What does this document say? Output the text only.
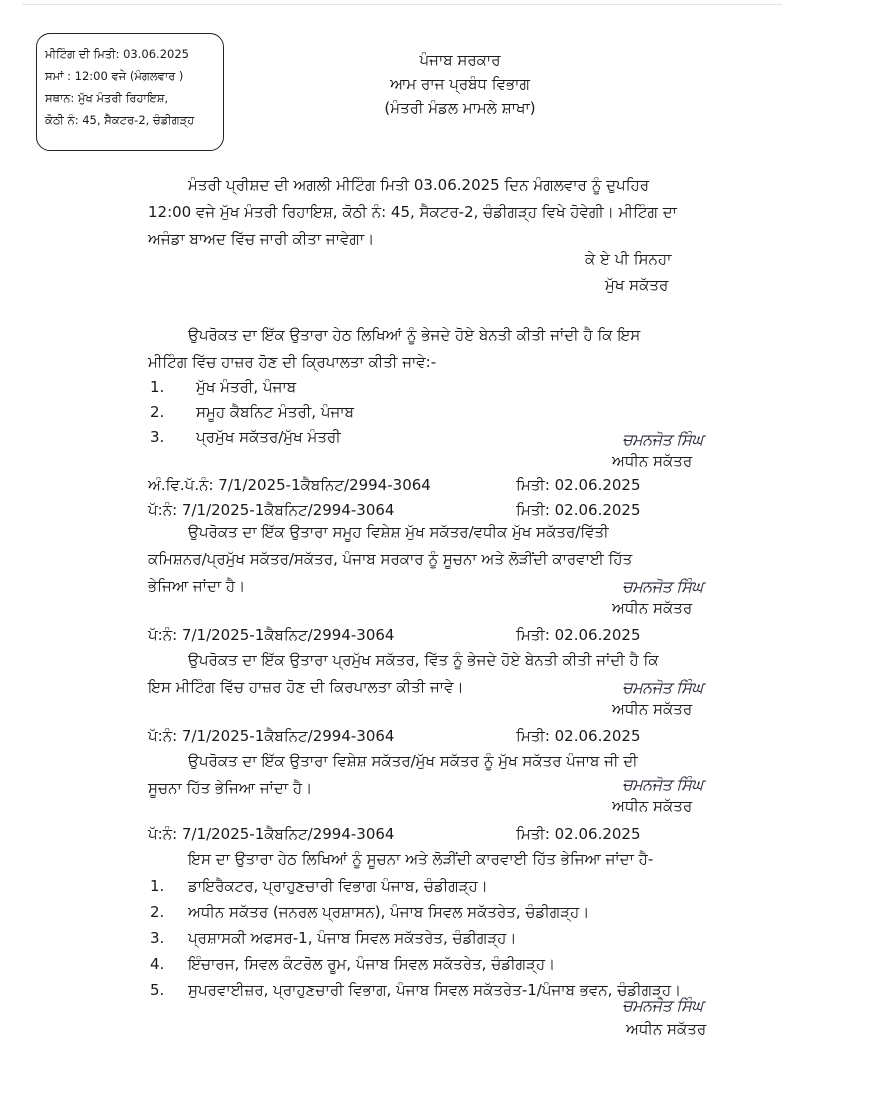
ਮੀਟਿੰਗ ਦੀ ਮਿਤੀ: 03.06.2025
ਸਮਾਂ : 12:00 ਵਜੇ (ਮੰਗਲਵਾਰ )
ਸਥਾਨ: ਮੁੱਖ ਮੰਤਰੀ ਰਿਹਾਇਸ਼,
ਕੋਠੀ ਨੰ: 45, ਸੈਕਟਰ-2, ਚੰਡੀਗੜ੍ਹ
ਪੰਜਾਬ ਸਰਕਾਰ
ਆਮ ਰਾਜ ਪ੍ਰਬੰਧ ਵਿਭਾਗ
(ਮੰਤਰੀ ਮੰਡਲ ਮਾਮਲੇ ਸ਼ਾਖਾ)
ਮੰਤਰੀ ਪ੍ਰੀਸ਼ਦ ਦੀ ਅਗਲੀ ਮੀਟਿੰਗ ਮਿਤੀ 03.06.2025 ਦਿਨ ਮੰਗਲਵਾਰ ਨੂੰ ਦੁਪਹਿਰ
12:00 ਵਜੇ ਮੁੱਖ ਮੰਤਰੀ ਰਿਹਾਇਸ਼, ਕੋਠੀ ਨੰ: 45, ਸੈਕਟਰ-2, ਚੰਡੀਗੜ੍ਹ ਵਿਖੇ ਹੋਵੇਗੀ। ਮੀਟਿੰਗ ਦਾ
ਅਜੰਡਾ ਬਾਅਦ ਵਿੱਚ ਜਾਰੀ ਕੀਤਾ ਜਾਵੇਗਾ।
ਕੇ ਏ ਪੀ ਸਿਨਹਾ
ਮੁੱਖ ਸਕੱਤਰ
ਉਪਰੋਕਤ ਦਾ ਇੱਕ ਉਤਾਰਾ ਹੇਠ ਲਿਖਿਆਂ ਨੂੰ ਭੇਜਦੇ ਹੋਏ ਬੇਨਤੀ ਕੀਤੀ ਜਾਂਦੀ ਹੈ ਕਿ ਇਸ
ਮੀਟਿੰਗ ਵਿੱਚ ਹਾਜ਼ਰ ਹੋਣ ਦੀ ਕ੍ਰਿਪਾਲਤਾ ਕੀਤੀ ਜਾਵੇ:-
1.	ਮੁੱਖ ਮੰਤਰੀ, ਪੰਜਾਬ
2.	ਸਮੂਹ ਕੈਬਨਿਟ ਮੰਤਰੀ, ਪੰਜਾਬ
3.	ਪ੍ਰਮੁੱਖ ਸਕੱਤਰ/ਮੁੱਖ ਮੰਤਰੀ	ਚਮਨਜੋਤ ਸਿੰਘ
ਅਧੀਨ ਸਕੱਤਰ
ਅੰ.ਵਿ.ਪੱ.ਨੰ: 7/1/2025-1ਕੈਬਨਿਟ/2994-3064	ਮਿਤੀ: 02.06.2025
ਪੱ:ਨੰ: 7/1/2025-1ਕੈਬਨਿਟ/2994-3064	ਮਿਤੀ: 02.06.2025
ਉਪਰੋਕਤ ਦਾ ਇੱਕ ਉਤਾਰਾ ਸਮੂਹ ਵਿਸ਼ੇਸ਼ ਮੁੱਖ ਸਕੱਤਰ/ਵਧੀਕ ਮੁੱਖ ਸਕੱਤਰ/ਵਿੱਤੀ
ਕਮਿਸ਼ਨਰ/ਪ੍ਰਮੁੱਖ ਸਕੱਤਰ/ਸਕੱਤਰ, ਪੰਜਾਬ ਸਰਕਾਰ ਨੂੰ ਸੂਚਨਾ ਅਤੇ ਲੋੜੀਂਦੀ ਕਾਰਵਾਈ ਹਿੱਤ
ਭੇਜਿਆ ਜਾਂਦਾ ਹੈ।	ਚਮਨਜੋਤ ਸਿੰਘ
ਅਧੀਨ ਸਕੱਤਰ
ਪੱ:ਨੰ: 7/1/2025-1ਕੈਬਨਿਟ/2994-3064	ਮਿਤੀ: 02.06.2025
ਉਪਰੋਕਤ ਦਾ ਇੱਕ ਉਤਾਰਾ ਪ੍ਰਮੁੱਖ ਸਕੱਤਰ, ਵਿੱਤ ਨੂੰ ਭੇਜਦੇ ਹੋਏ ਬੇਨਤੀ ਕੀਤੀ ਜਾਂਦੀ ਹੈ ਕਿ
ਇਸ ਮੀਟਿੰਗ ਵਿੱਚ ਹਾਜ਼ਰ ਹੋਣ ਦੀ ਕਿਰਪਾਲਤਾ ਕੀਤੀ ਜਾਵੇ।	ਚਮਨਜੋਤ ਸਿੰਘ
ਅਧੀਨ ਸਕੱਤਰ
ਪੱ:ਨੰ: 7/1/2025-1ਕੈਬਨਿਟ/2994-3064	ਮਿਤੀ: 02.06.2025
ਉਪਰੋਕਤ ਦਾ ਇੱਕ ਉਤਾਰਾ ਵਿਸ਼ੇਸ਼ ਸਕੱਤਰ/ਮੁੱਖ ਸਕੱਤਰ ਨੂੰ ਮੁੱਖ ਸਕੱਤਰ ਪੰਜਾਬ ਜੀ ਦੀ
ਸੂਚਨਾ ਹਿੱਤ ਭੇਜਿਆ ਜਾਂਦਾ ਹੈ।	ਚਮਨਜੋਤ ਸਿੰਘ
ਅਧੀਨ ਸਕੱਤਰ
ਪੱ:ਨੰ: 7/1/2025-1ਕੈਬਨਿਟ/2994-3064	ਮਿਤੀ: 02.06.2025
ਇਸ ਦਾ ਉਤਾਰਾ ਹੇਠ ਲਿਖਿਆਂ ਨੂੰ ਸੂਚਨਾ ਅਤੇ ਲੋੜੀਂਦੀ ਕਾਰਵਾਈ ਹਿੱਤ ਭੇਜਿਆ ਜਾਂਦਾ ਹੈ-
1.	ਡਾਇਰੈਕਟਰ, ਪ੍ਰਾਹੁਣਚਾਰੀ ਵਿਭਾਗ ਪੰਜਾਬ, ਚੰਡੀਗੜ੍ਹ।
2.	ਅਧੀਨ ਸਕੱਤਰ (ਜਨਰਲ ਪ੍ਰਸ਼ਾਸਨ), ਪੰਜਾਬ ਸਿਵਲ ਸਕੱਤਰੇਤ, ਚੰਡੀਗੜ੍ਹ।
3.	ਪ੍ਰਸ਼ਾਸਕੀ ਅਫਸਰ-1, ਪੰਜਾਬ ਸਿਵਲ ਸਕੱਤਰੇਤ, ਚੰਡੀਗੜ੍ਹ।
4.	ਇੰਚਾਰਜ, ਸਿਵਲ ਕੰਟਰੋਲ ਰੂਮ, ਪੰਜਾਬ ਸਿਵਲ ਸਕੱਤਰੇਤ, ਚੰਡੀਗੜ੍ਹ।
5.	ਸੁਪਰਵਾਈਜ਼ਰ, ਪ੍ਰਾਹੁਣਚਾਰੀ ਵਿਭਾਗ, ਪੰਜਾਬ ਸਿਵਲ ਸਕੱਤਰੇਤ-1/ਪੰਜਾਬ ਭਵਨ, ਚੰਡੀਗੜ੍ਹ।
ਚਮਨਜੋਤ ਸਿੰਘ
ਅਧੀਨ ਸਕੱਤਰ
